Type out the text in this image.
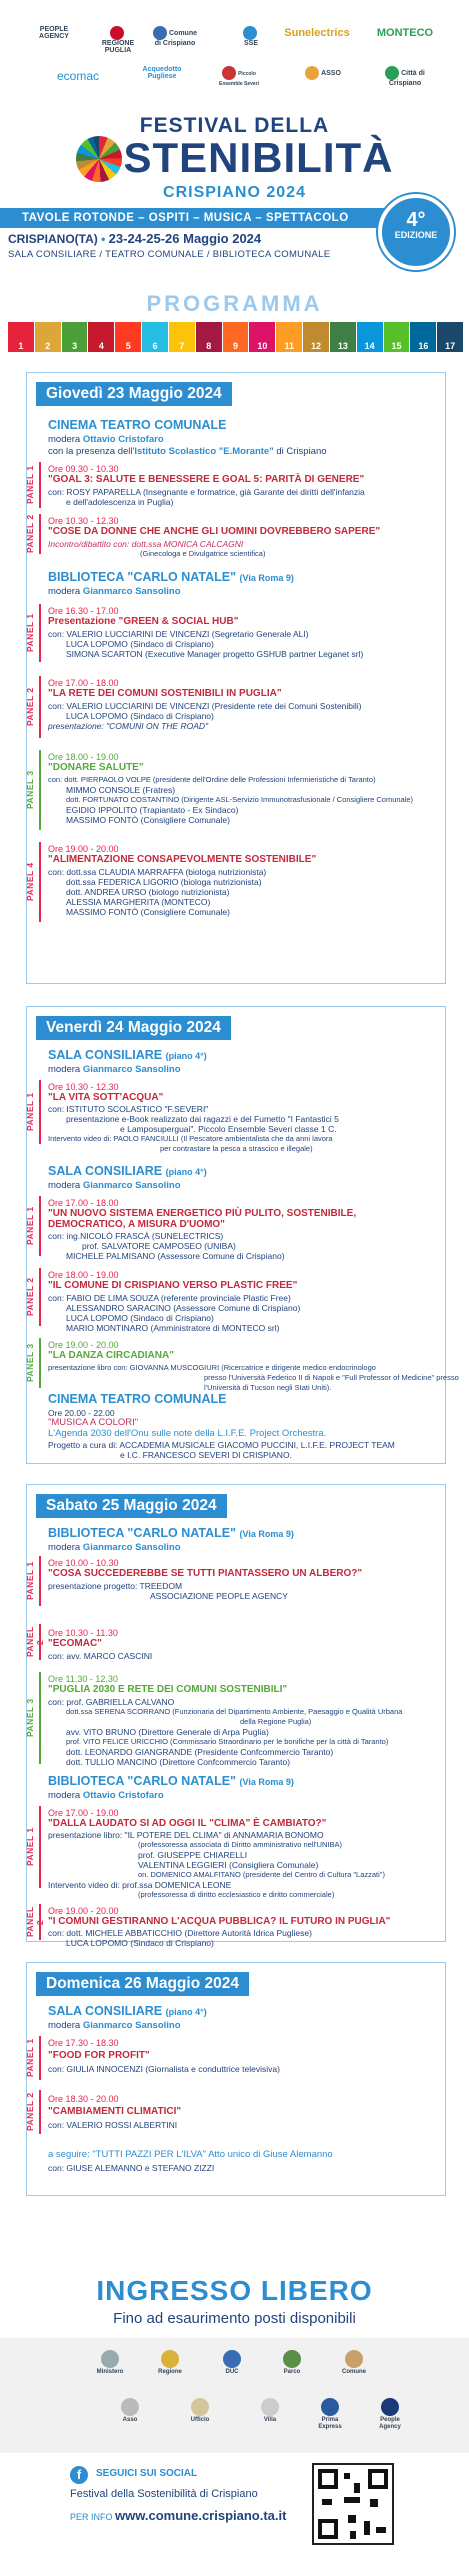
PEOPLE AGENCY

REGIONE PUGLIA
Comune di Crispiano	SSE
Sunelectrics	MONTECO
ecomac	Acquedotto Pugliese	Piccolo Ensemble Severi
ASSO	Città di Crispiano
FESTIVAL DELLA
STENIBILITÀ
CRISPIANO 2024
TAVOLE ROTONDE – OSPITI – MUSICA – SPETTACOLO
CRISPIANO(TA) • 23-24-25-26 Maggio 2024
SALA CONSILIARE / TEATRO COMUNALE / BIBLIOTECA COMUNALE
4°
EDIZIONE
PROGRAMMA
1	2	3	4	5	6	7	8	9	10	11	12	13	14	15	16	17
Giovedì 23 Maggio 2024
CINEMA TEATRO COMUNALE
modera Ottavio Cristofaro
con la presenza dell'Istituto Scolastico "E.Morante" di Crispiano
PANEL 1 Ore 09.30 - 10.30
"GOAL 3: SALUTE E BENESSERE E GOAL 5: PARITÀ DI GENERE"
con: ROSY PAPARELLA (Insegnante e formatrice, già Garante dei diritti dell'infanzia
e dell'adolescenza in Puglia)
PANEL 2 Ore 10.30 - 12.30
"COSE DA DONNE CHE ANCHE GLI UOMINI DOVREBBERO SAPERE"
Incontro/dibattito con: dott.ssa MONICA CALCAGNI
(Ginecologa e Divulgatrice scientifica)
BIBLIOTECA "CARLO NATALE" (Via Roma 9)
modera Gianmarco Sansolino
PANEL 1
Ore 16.30 - 17.00
Presentazione "GREEN & SOCIAL HUB"
con: VALERIO LUCCIARINI DE VINCENZI (Segretario Generale ALI)
LUCA LOPOMO (Sindaco di Crispiano)
SIMONA SCARTON (Executive Manager progetto GSHUB partner Leganet srl)
PANEL 2
Ore 17.00 - 18.00
"LA RETE DEI COMUNI SOSTENIBILI IN PUGLIA"
con: VALERIO LUCCIARINI DE VINCENZI (Presidente rete dei Comuni Sostenibili)
LUCA LOPOMO (Sindaco di Crispiano)
presentazione: "COMUNI ON THE ROAD"
PANEL 3
Ore 18.00 - 19.00
"DONARE SALUTE"
con: dott. PIERPAOLO VOLPE (presidente dell'Ordine delle Professioni Infermieristiche di Taranto)
MIMMO CONSOLE (Fratres)
dott. FORTUNATO COSTANTINO (Dirigente ASL-Servizio Immunotrasfusionale / Consigliere Comunale)
EGIDIO IPPOLITO (Trapiantato - Ex Sindaco)
MASSIMO FONTÒ (Consigliere Comunale)
PANEL 4
Ore 19.00 - 20.00
"ALIMENTAZIONE CONSAPEVOLMENTE SOSTENIBILE"
con: dott.ssa CLAUDIA MARRAFFA (biologa nutrizionista)
dott.ssa FEDERICA LIGORIO (biologa nutrizionista)
dott. ANDREA URSO (biologo nutrizionista)
ALESSIA MARGHERITA (MONTECO)
MASSIMO FONTÒ (Consigliere Comunale)
Venerdì 24 Maggio 2024
SALA CONSILIARE (piano 4°)
modera Gianmarco Sansolino
PANEL 1
Ore 10.30 - 12.30
"LA VITA SOTT'ACQUA"
con: ISTITUTO SCOLASTICO "F.SEVERI"
presentazione e-Book realizzato dai ragazzi e del Fumetto "I Fantastici 5
e Lamposuperguai". Piccolo Ensemble Severi classe 1 C.
Intervento video di: PAOLO FANCIULLI (Il Pescatore ambientalista che da anni lavora
per contrastare la pesca a strascico e illegale)
SALA CONSILIARE (piano 4°)
modera Gianmarco Sansolino
PANEL 1
Ore 17.00 - 18.00
"UN NUOVO SISTEMA ENERGETICO PIÙ PULITO, SOSTENIBILE,
DEMOCRATICO, A MISURA D'UOMO"
con: ing.NICOLÒ FRASCÀ (SUNELECTRICS)
prof. SALVATORE CAMPOSEO (UNIBA)
MICHELE PALMISANO (Assessore Comune di Crispiano)
PANEL 2
Ore 18.00 - 19.00
"IL COMUNE DI CRISPIANO VERSO PLASTIC FREE"
con: FABIO DE LIMA SOUZA (referente provinciale Plastic Free)
ALESSANDRO SARACINO (Assessore Comune di Crispiano)
LUCA LOPOMO (Sindaco di Crispiano)
MARIO MONTINARO (Amministratore di MONTECO srl)
PANEL 3 Ore 19.00 - 20.00
"LA DANZA CIRCADIANA"
presentazione libro con: GIOVANNA MUSCOGIURI (Ricercatrice e dirigente medico endocrinologo
presso l'Università Federico II di Napoli e "Full Professor of Medicine" presso
l'Università di Tucson negli Stati Uniti).
CINEMA TEATRO COMUNALE
Ore 20.00 - 22.00
"MUSICA A COLORI"
L'Agenda 2030 dell'Onu sulle note della L.I.F.E. Project Orchestra.
Progetto a cura di: ACCADEMIA MUSICALE GIACOMO PUCCINI, L.I.F.E. PROJECT TEAM
e I.C. FRANCESCO SEVERI DI CRISPIANO.
Sabato 25 Maggio 2024
BIBLIOTECA "CARLO NATALE" (Via Roma 9)
modera Gianmarco Sansolino
PANEL 1 Ore 10.00 - 10.30
"COSA SUCCEDEREBBE SE TUTTI PIANTASSERO UN ALBERO?"
presentazione progetto: TREEDOM
ASSOCIAZIONE PEOPLE AGENCY
PANEL Ore 10.30 - 11.30
"ECOMAC"
con: avv. MARCO CASCINI
PANEL 3
Ore 11.30 - 12.30
"PUGLIA 2030 E RETE DEI COMUNI SOSTENIBILI"
con: prof. GABRIELLA CALVANO
dott.ssa SERENA SCORRANO (Funzionaria del Dipartimento Ambiente, Paesaggio e Qualità Urbana
della Regione Puglia)
avv. VITO BRUNO (Direttore Generale di Arpa Puglia)
prof. VITO FELICE URICCHIO (Commissario Straordinario per le bonifiche per la città di Taranto)
dott. LEONARDO GIANGRANDE (Presidente Confcommercio Taranto)
dott. TULLIO MANCINO (Direttore Confcommercio Taranto)
BIBLIOTECA "CARLO NATALE" (Via Roma 9)
modera Ottavio Cristofaro
PANEL 1
Ore 17.00 - 19.00
"DALLA LAUDATO SI AD OGGI IL "CLIMA" È CAMBIATO?"
presentazione libro: "IL POTERE DEL CLIMA" di ANNAMARIA BONOMO
(professoressa associata di Diritto amministrativo nell'UNIBA)
prof. GIUSEPPE CHIARELLI
VALENTINA LEGGIERI (Consigliera Comunale)
on. DOMENICO AMALFITANO (presidente del Centro di Cultura "Lazzati")
Intervento video di: prof.ssa DOMENICA LEONE
(professoressa di diritto ecclesiastico e diritto commerciale)
PANEL Ore 19.00 - 20.00
"I COMUNI GESTIRANNO L'ACQUA PUBBLICA? IL FUTURO IN PUGLIA"
con: dott. MICHELE ABBATICCHIO (Direttore Autorità Idrica Pugliese)
LUCA LOPOMO (Sindaco di Crispiano)
Domenica 26 Maggio 2024
SALA CONSILIARE (piano 4°)
modera Gianmarco Sansolino
PANEL 1 Ore 17.30 - 18.30
"FOOD FOR PROFIT"
con: GIULIA INNOCENZI (Giornalista e conduttrice televisiva)
PANEL 2 Ore 18.30 - 20.00
"CAMBIAMENTI CLIMATICI"
con: VALERIO ROSSI ALBERTINI
a seguire: "TUTTI PAZZI PER L'ILVA" Atto unico di Giuse Alemanno
con: GIUSE ALEMANNO e STEFANO ZIZZI
INGRESSO LIBERO
Fino ad esaurimento posti disponibili
Ministero	Regione	DUC	Parco	Comune
Asso	Ufficio	Villa	Prima Express
People Agency
f	SEGUICI SUI SOCIAL
Festival della Sostenibilità di Crispiano
PER INFO www.comune.crispiano.ta.it
